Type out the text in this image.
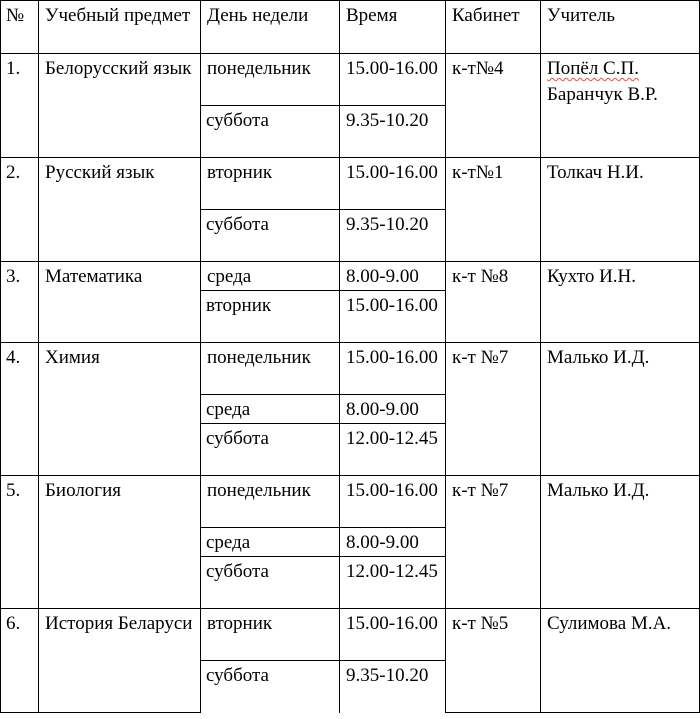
№	Учебный предмет	День недели	Время	Кабинет	Учитель
1.	Белорусский язык	понедельник	15.00-16.00	к-т№4	Попёл С.П.
Баранчук В.Р.

		суббота	9.35-10.20		
2.	Русский язык	вторник	15.00-16.00	к-т№1	Толкач Н.И.

		суббота	9.35-10.20		
3.	Математика	среда	8.00-9.00	к-т №8	Кухто И.Н.

		вторник	15.00-16.00		
4.	Химия	понедельник	15.00-16.00	к-т №7	Малько И.Д.

		среда	8.00-9.00		
		суббота	12.00-12.45		
5.	Биология	понедельник	15.00-16.00	к-т №7	Малько И.Д.

		среда	8.00-9.00		
		суббота	12.00-12.45		
6.	История Беларуси	вторник	15.00-16.00	к-т №5	Сулимова М.А.

		суббота	9.35-10.20		
